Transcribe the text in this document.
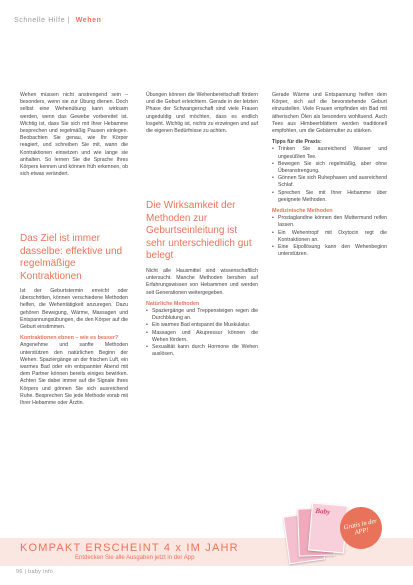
Schnelle Hilfe | Wehen

Wehen müssen nicht anstrengend sein – besonders, wenn sie zur Übung dienen. Doch selbst eine Wehenübung kann wirksam werden, wenn das Gewebe vorbereitet ist. Wichtig ist, dass Sie sich mit Ihrer Hebamme besprechen und regelmäßig Pausen einlegen. Beobachten Sie genau, wie Ihr Körper reagiert, und schreiben Sie mit, wann die Kontraktionen einsetzen und wie lange sie anhalten. So lernen Sie die Sprache Ihres Körpers kennen und können früh erkennen, ob sich etwas verändert.

Das Ziel ist immer dasselbe: effektive und regelmäßige Kontraktionen

Ist der Geburtstermin erreicht oder überschritten, können verschiedene Methoden helfen, die Wehentätigkeit anzuregen. Dazu gehören Bewegung, Wärme, Massagen und Entspannungsübungen, die den Körper auf die Geburt einstimmen.

Kontraktionen ebnen – wie es besser?

Angenehme und sanfte Methoden unterstützen den natürlichen Beginn der Wehen. Spaziergänge an der frischen Luft, ein warmes Bad oder ein entspannter Abend mit dem Partner können bereits einiges bewirken. Achten Sie dabei immer auf die Signale Ihres Körpers und gönnen Sie sich ausreichend Ruhe. Besprechen Sie jede Methode vorab mit Ihrer Hebamme oder Ärztin.

Übungen können die Wehenbereitschaft fördern und die Geburt erleichtern. Gerade in der letzten Phase der Schwangerschaft sind viele Frauen ungeduldig und möchten, dass es endlich losgeht. Wichtig ist, nichts zu erzwingen und auf die eigenen Bedürfnisse zu achten.

Die Wirksamkeit der Methoden zur Geburtseinleitung ist sehr unterschiedlich gut belegt

Nicht alle Hausmittel sind wissenschaftlich untersucht. Manche Methoden beruhen auf Erfahrungswissen von Hebammen und werden seit Generationen weitergegeben.

Natürliche Methoden

• Spaziergänge und Treppensteigen regen die Durchblutung an.

• Ein warmes Bad entspannt die Muskulatur.

• Massagen und Akupressur können die Wehen fördern.

• Sexualität kann durch Hormone die Wehen auslösen.

Gerade Wärme und Entspannung helfen dem Körper, sich auf die bevorstehende Geburt einzustellen. Viele Frauen empfinden ein Bad mit ätherischen Ölen als besonders wohltuend. Auch Tees aus Himbeerblättern werden traditionell empfohlen, um die Gebärmutter zu stärken.

Tipps für die Praxis:

• Trinken Sie ausreichend Wasser und ungesüßten Tee.

• Bewegen Sie sich regelmäßig, aber ohne Überanstrengung.

• Gönnen Sie sich Ruhephasen und ausreichend Schlaf.

• Sprechen Sie mit Ihrer Hebamme über geeignete Methoden.

Medizinische Methoden

• Prostaglandine können den Muttermund reifen lassen.

• Ein Wehentropf mit Oxytocin regt die Kontraktionen an.

• Eine Eipollösung kann den Wehenbeginn unterstützen.

KOMPAKT ERSCHEINT 4 x IM JAHR
Entdecken Sie alle Ausgaben jetzt in der App
Baby
Gratis in der APP!
96 | baby info
